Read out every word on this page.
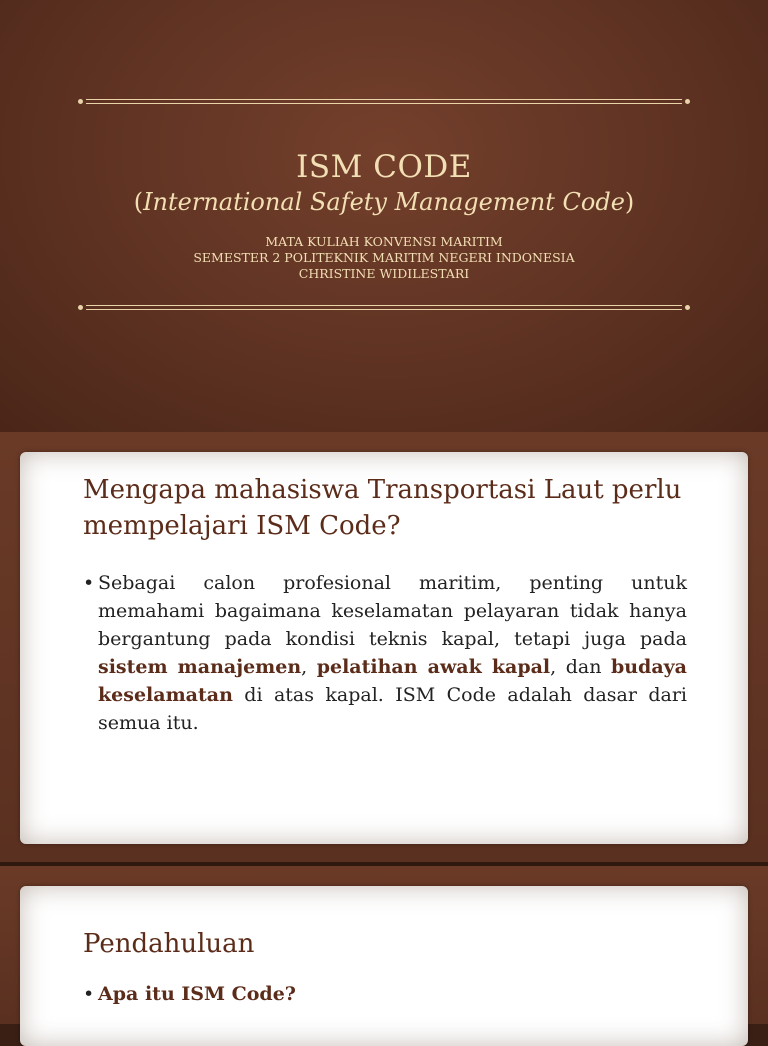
ISM CODE
(International Safety Management Code)
MATA KULIAH KONVENSI MARITIM
SEMESTER 2 POLITEKNIK MARITIM NEGERI INDONESIA
CHRISTINE WIDILESTARI
Mengapa mahasiswa Transportasi Laut perlu mempelajari ISM Code?
• Sebagai calon profesional maritim, penting untuk memahami bagaimana keselamatan pelayaran tidak hanya bergantung pada kondisi teknis kapal, tetapi juga pada sistem manajemen, pelatihan awak kapal, dan budaya keselamatan di atas kapal. ISM Code adalah dasar dari semua itu.
Pendahuluan
• Apa itu ISM Code?
